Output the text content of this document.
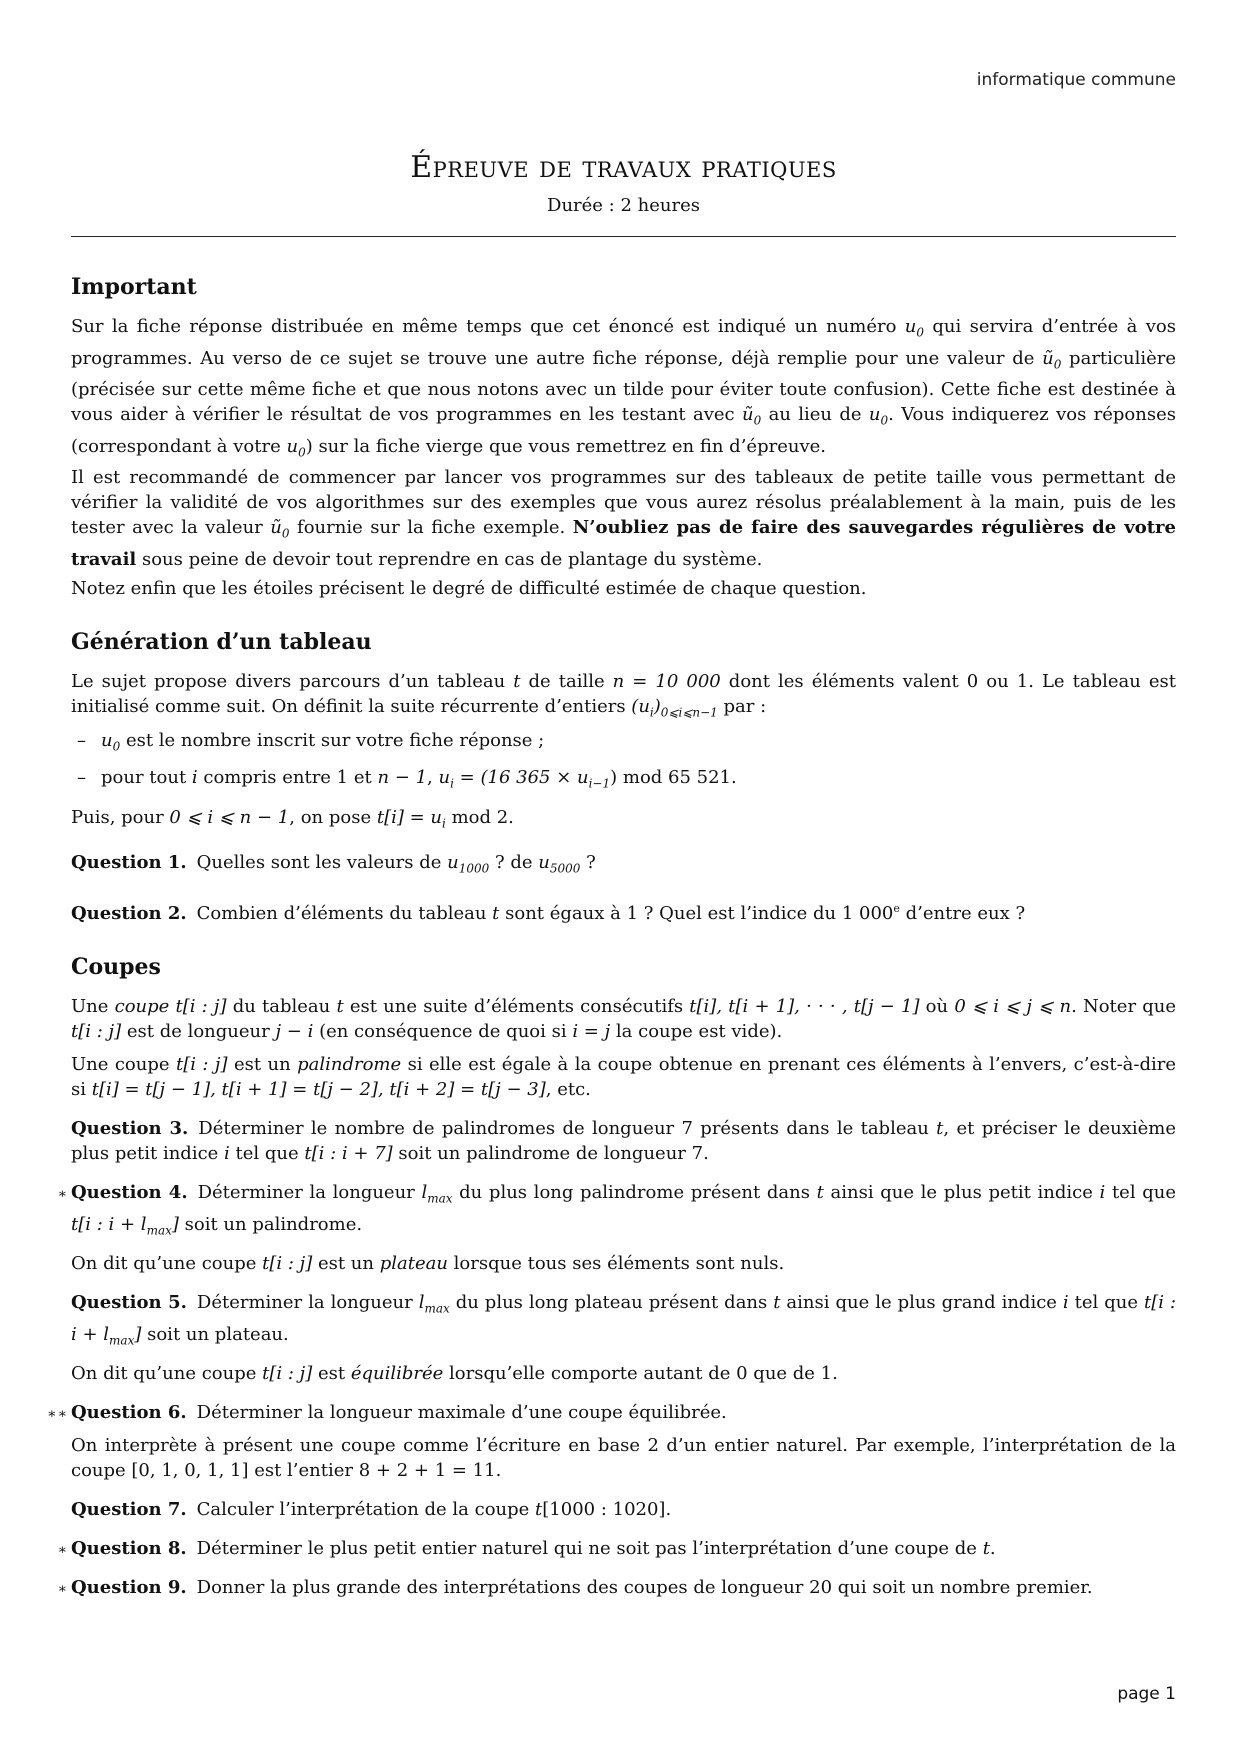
informatique commune
Épreuve de travaux pratiques
Durée : 2 heures
Important

Sur la fiche réponse distribuée en même temps que cet énoncé est indiqué un numéro $u_0$ qui servira d’entrée à vos programmes. Au verso de ce sujet se trouve une autre fiche réponse, déjà remplie pour une valeur de $ũ_0$ particulière (précisée sur cette même fiche et que nous notons avec un tilde pour éviter toute confusion). Cette fiche est destinée à vous aider à vérifier le résultat de vos programmes en les testant avec $ũ_0$ au lieu de $u_0$. Vous indiquerez vos réponses (correspondant à votre $u_0$) sur la fiche vierge que vous remettrez en fin d’épreuve.

Il est recommandé de commencer par lancer vos programmes sur des tableaux de petite taille vous permettant de vérifier la validité de vos algorithmes sur des exemples que vous aurez résolus préalablement à la main, puis de les tester avec la valeur $ũ_0$ fournie sur la fiche exemple. N’oubliez pas de faire des sauvegardes régulières de votre travail sous peine de devoir tout reprendre en cas de plantage du système.

Notez enfin que les étoiles précisent le degré de difficulté estimée de chaque question.

Génération d’un tableau

Le sujet propose divers parcours d’un tableau t de taille n = 10 000 dont les éléments valent 0 ou 1. Le tableau est initialisé comme suit. On définit la suite récurrente d’entiers $(u_i)_{0⩽i⩽n-1}$ par :

– $u_0$ est le nombre inscrit sur votre fiche réponse ;
– pour tout i compris entre 1 et n − 1, $u_i = (16$ $365 \times u_{i-1}$) mod 65 521.

Puis, pour 0 ⩽ i ⩽ n − 1, on pose $t[i] = u_i$ mod 2.

Question 1. Quelles sont les valeurs de $u_{1000}$ ? de $u_{5000}$ ?
Question 2. Combien d’éléments du tableau t sont égaux à 1 ? Quel est l’indice du 1 000e d’entre eux ?
Coupes

Une coupe t[i : j] du tableau t est une suite d’éléments consécutifs t[i], t[i + 1], · · · , t[j − 1] où 0 ⩽ i ⩽ j ⩽ n. Noter que t[i : j] est de longueur j − i (en conséquence de quoi si i = j la coupe est vide).

Une coupe t[i : j] est un palindrome si elle est égale à la coupe obtenue en prenant ces éléments à l’envers, c’est-à-dire si t[i] = t[j − 1], t[i + 1] = t[j − 2], t[i + 2] = t[j − 3], etc.

Question 3. Déterminer le nombre de palindromes de longueur 7 présents dans le tableau t, et préciser le deuxième plus petit indice i tel que t[i : i + 7] soit un palindrome de longueur 7.
∗ Question 4. Déterminer la longueur $l_{max}$ du plus long palindrome présent dans t ainsi que le plus petit indice i tel que t[i : $i + l_{max}$] soit un palindrome.

On dit qu’une coupe t[i : j] est un plateau lorsque tous ses éléments sont nuls.

Question 5. Déterminer la longueur $l_{max}$ du plus long plateau présent dans t ainsi que le plus grand indice i tel que t[i : $i + l_{max}$] soit un plateau.

On dit qu’une coupe t[i : j] est équilibrée lorsqu’elle comporte autant de 0 que de 1.

∗∗ Question 6. Déterminer la longueur maximale d’une coupe équilibrée.

On interprète à présent une coupe comme l’écriture en base 2 d’un entier naturel. Par exemple, l’interprétation de la coupe [0, 1, 0, 1, 1] est l’entier 8 + 2 + 1 = 11.

Question 7. Calculer l’interprétation de la coupe t[1000 : 1020].
∗ Question 8. Déterminer le plus petit entier naturel qui ne soit pas l’interprétation d’une coupe de t.
∗ Question 9. Donner la plus grande des interprétations des coupes de longueur 20 qui soit un nombre premier.
page 1
